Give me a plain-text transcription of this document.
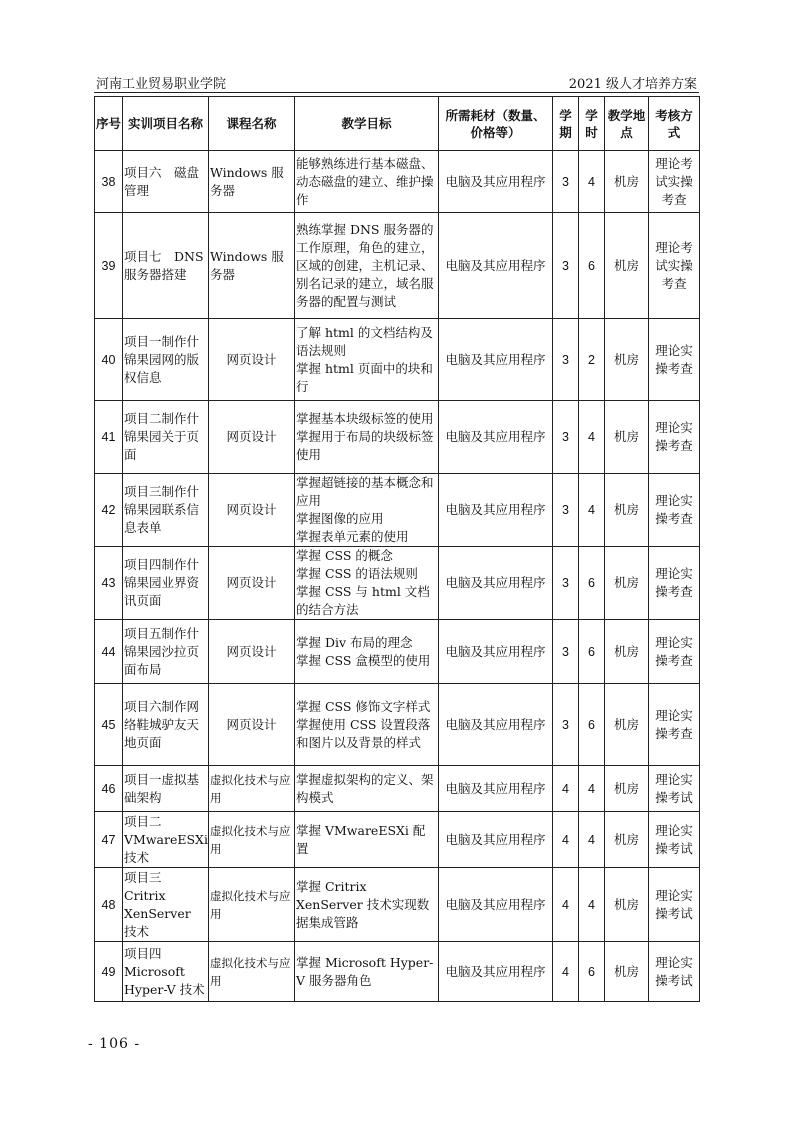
河南工业贸易职业学院	2021 级人才培养方案
序号	实训项目名称	课程名称	教学目标	所需耗材（数量、价格等）	学期	学时	教学地点	考核方式
38	项目六　磁盘管理	Windows 服务器	能够熟练进行基本磁盘、动态磁盘的建立、维护操作	电脑及其应用程序	3	4	机房	理论考试实操考查
39	项目七　DNS 服务器搭建	Windows 服务器	熟练掌握 DNS 服务器的工作原理，角色的建立，区域的创建，主机记录、别名记录的建立，域名服务器的配置与测试	电脑及其应用程序	3	6	机房	理论考试实操考查
40	项目一制作什锦果园网的版权信息	网页设计	了解 html 的文档结构及语法规则
掌握 html 页面中的块和行	电脑及其应用程序	3	2	机房	理论实操考查
41	项目二制作什锦果园关于页面	网页设计	掌握基本块级标签的使用
掌握用于布局的块级标签使用	电脑及其应用程序	3	4	机房	理论实操考查
42	项目三制作什锦果园联系信息表单	网页设计	掌握超链接的基本概念和应用
掌握图像的应用
掌握表单元素的使用	电脑及其应用程序	3	4	机房	理论实操考查
43	项目四制作什锦果园业界资讯页面	网页设计	掌握 CSS 的概念
掌握 CSS 的语法规则
掌握 CSS 与 html 文档的结合方法	电脑及其应用程序	3	6	机房	理论实操考查
44	项目五制作什锦果园沙拉页面布局	网页设计	掌握 Div 布局的理念
掌握 CSS 盒模型的使用	电脑及其应用程序	3	6	机房	理论实操考查
45	项目六制作网络鞋城驴友天地页面	网页设计	掌握 CSS 修饰文字样式
掌握使用 CSS 设置段落和图片以及背景的样式	电脑及其应用程序	3	6	机房	理论实操考查
46	项目一虚拟基础架构	虚拟化技术与应用	掌握虚拟架构的定义、架构模式	电脑及其应用程序	4	4	机房	理论实操考试
47	项目二 VMwareESXi 技术	虚拟化技术与应用	掌握 VMwareESXi 配置	电脑及其应用程序	4	4	机房	理论实操考试
48	项目三 Critrix XenServer 技术	虚拟化技术与应用	掌握 Critrix XenServer 技术实现数据集成管路	电脑及其应用程序	4	4	机房	理论实操考试
49	项目四 Microsoft Hyper-V 技术	虚拟化技术与应用	掌握 Microsoft Hyper-V 服务器角色	电脑及其应用程序	4	6	机房	理论实操考试
- 106 -
